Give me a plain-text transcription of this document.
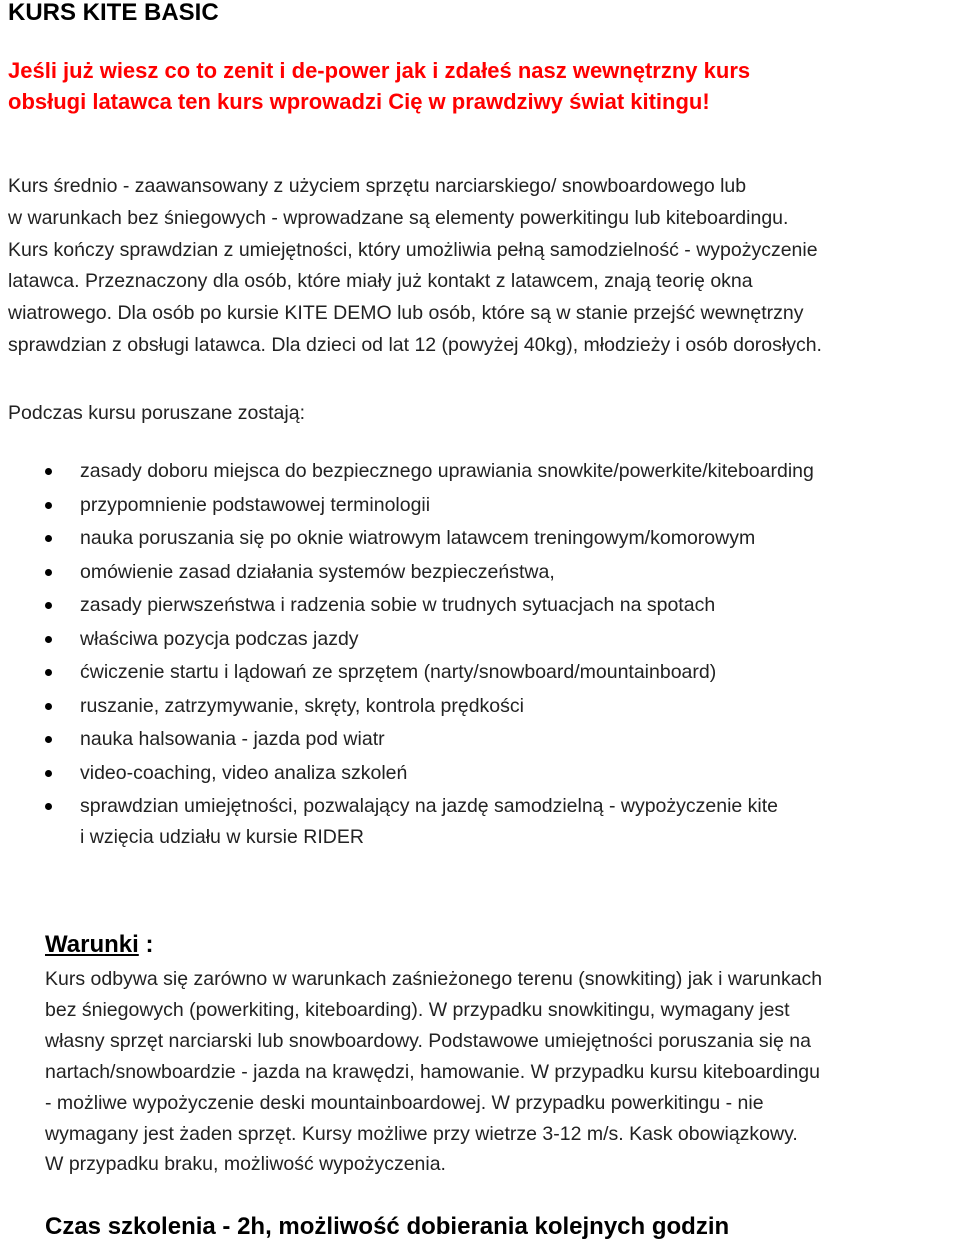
KURS KITE BASIC

Jeśli już wiesz co to zenit i de-power jak i zdałeś nasz wewnętrzny kurs
obsługi latawca ten kurs wprowadzi Cię w prawdziwy świat kitingu!

Kurs średnio - zaawansowany z użyciem sprzętu narciarskiego/ snowboardowego lub
w warunkach bez śniegowych - wprowadzane są elementy powerkitingu lub kiteboardingu.
Kurs kończy sprawdzian z umiejętności, który umożliwia pełną samodzielność - wypożyczenie
latawca. Przeznaczony dla osób, które miały już kontakt z latawcem, znają teorię okna
wiatrowego. Dla osób po kursie KITE DEMO lub osób, które są w stanie przejść wewnętrzny
sprawdzian z obsługi latawca. Dla dzieci od lat 12 (powyżej 40kg), młodzieży i osób dorosłych.

Podczas kursu poruszane zostają:

zasady doboru miejsca do bezpiecznego uprawiania snowkite/powerkite/kiteboarding
przypomnienie podstawowej terminologii
nauka poruszania się po oknie wiatrowym latawcem treningowym/komorowym
omówienie zasad działania systemów bezpieczeństwa,
zasady pierwszeństwa i radzenia sobie w trudnych sytuacjach na spotach
właściwa pozycja podczas jazdy
ćwiczenie startu i lądowań ze sprzętem (narty/snowboard/mountainboard)
ruszanie, zatrzymywanie, skręty, kontrola prędkości
nauka halsowania - jazda pod wiatr
video-coaching, video analiza szkoleń
sprawdzian umiejętności, pozwalający na jazdę samodzielną - wypożyczenie kite
i wzięcia udziału w kursie RIDER
Warunki :

Kurs odbywa się zarówno w warunkach zaśnieżonego terenu (snowkiting) jak i warunkach
bez śniegowych (powerkiting, kiteboarding). W przypadku snowkitingu, wymagany jest
własny sprzęt narciarski lub snowboardowy. Podstawowe umiejętności poruszania się na
nartach/snowboardzie - jazda na krawędzi, hamowanie. W przypadku kursu kiteboardingu
- możliwe wypożyczenie deski mountainboardowej. W przypadku powerkitingu - nie
wymagany jest żaden sprzęt. Kursy możliwe przy wietrze 3-12 m/s. Kask obowiązkowy.
W przypadku braku, możliwość wypożyczenia.

Czas szkolenia - 2h, możliwość dobierania kolejnych godzin
